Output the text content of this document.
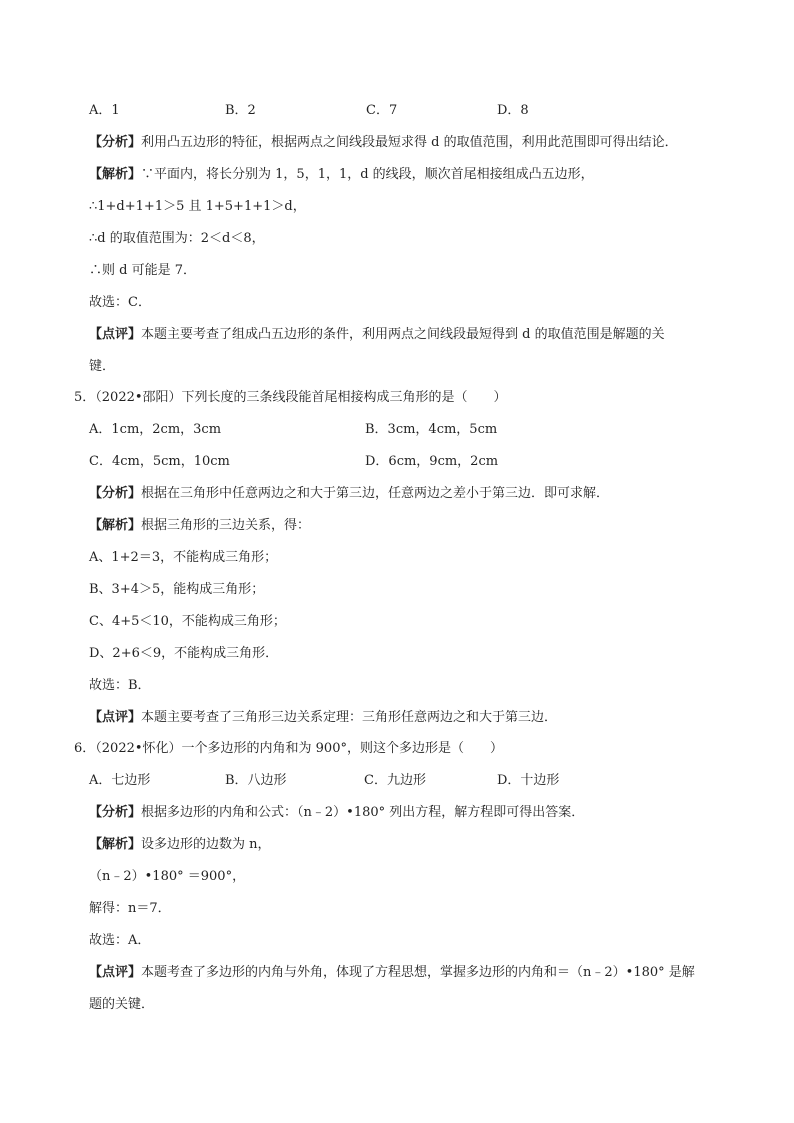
A．1	B．2	C．7	D．8
【分析】利用凸五边形的特征，根据两点之间线段最短求得 d 的取值范围，利用此范围即可得出结论．
【解析】∵平面内，将长分别为 1，5，1，1，d 的线段，顺次首尾相接组成凸五边形，
∴1+d+1+1＞5 且 1+5+1+1＞d，
∴d 的取值范围为：2＜d＜8，
∴则 d 可能是 7．
故选：C．
【点评】本题主要考查了组成凸五边形的条件，利用两点之间线段最短得到 d 的取值范围是解题的关
键．
5．（2022•邵阳）下列长度的三条线段能首尾相接构成三角形的是（　　）
A．1cm，2cm，3cm	B．3cm，4cm，5cm
C．4cm，5cm，10cm	D．6cm，9cm，2cm
【分析】根据在三角形中任意两边之和大于第三边，任意两边之差小于第三边．即可求解．
【解析】根据三角形的三边关系，得：
A、1+2＝3，不能构成三角形；
B、3+4＞5，能构成三角形；
C、4+5＜10，不能构成三角形；
D、2+6＜9，不能构成三角形．
故选：B．
【点评】本题主要考查了三角形三边关系定理：三角形任意两边之和大于第三边．
6．（2022•怀化）一个多边形的内角和为 900°，则这个多边形是（　　）
A．七边形	B．八边形	C．九边形	D．十边形
【分析】根据多边形的内角和公式：（n﹣2）•180° 列出方程，解方程即可得出答案．
【解析】设多边形的边数为 n，
（n﹣2）•180° ＝900°，
解得：n＝7．
故选：A．
【点评】本题考查了多边形的内角与外角，体现了方程思想，掌握多边形的内角和＝（n﹣2）•180° 是解
题的关键．
